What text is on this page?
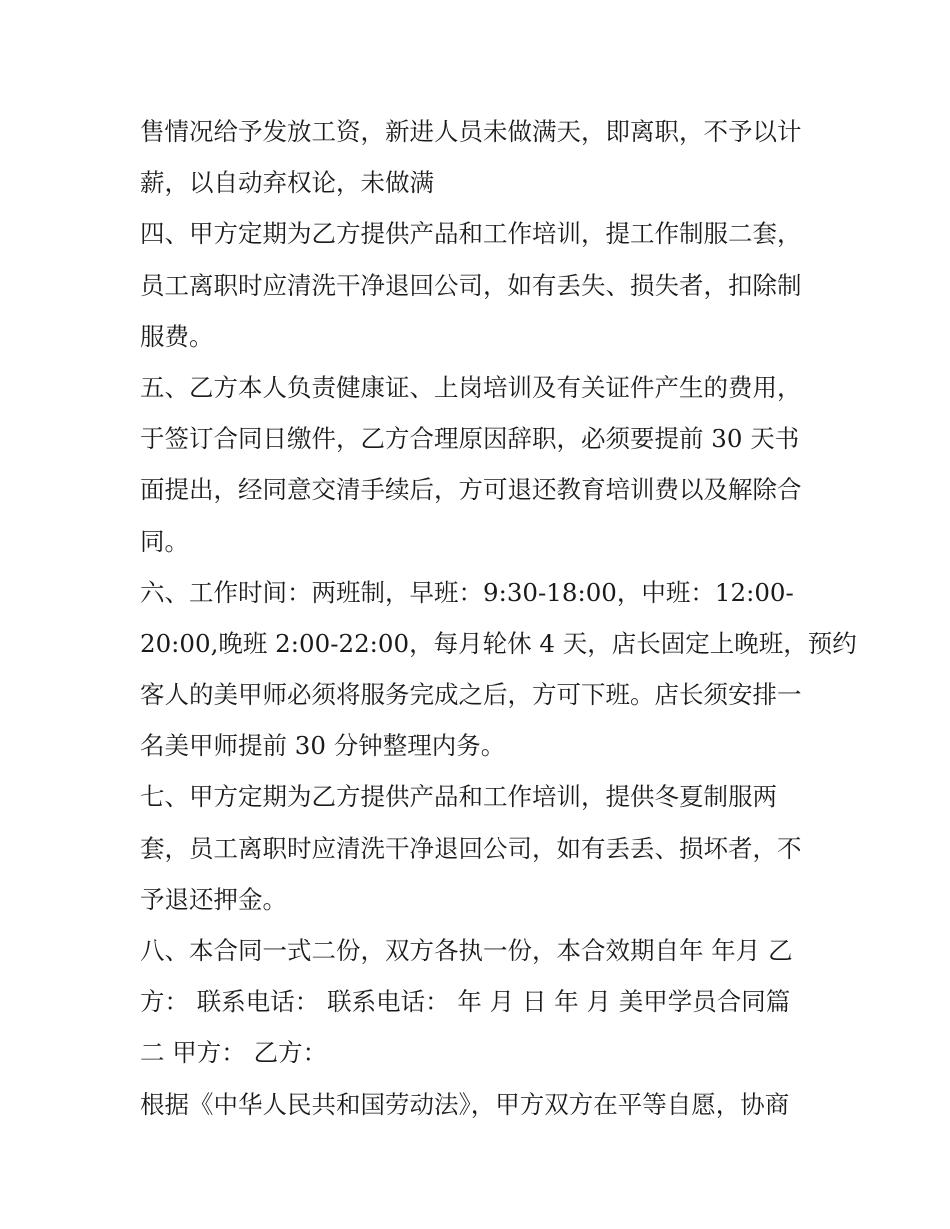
售情况给予发放工资，新进人员未做满天，即离职，不予以计
薪，以自动弃权论，未做满
四、甲方定期为乙方提供产品和工作培训，提工作制服二套，
员工离职时应清洗干净退回公司，如有丢失、损失者，扣除制
服费。
五、乙方本人负责健康证、上岗培训及有关证件产生的费用，
于签订合同日缴件，乙方合理原因辞职，必须要提前 30 天书
面提出，经同意交清手续后，方可退还教育培训费以及解除合
同。
六、工作时间：两班制，早班：9:30-18:00，中班：12:00-
20:00,晚班 2:00-22:00，每月轮休 4 天，店长固定上晚班，预约
客人的美甲师必须将服务完成之后，方可下班。店长须安排一
名美甲师提前 30 分钟整理内务。
七、甲方定期为乙方提供产品和工作培训，提供冬夏制服两
套，员工离职时应清洗干净退回公司，如有丢丢、损坏者，不
予退还押金。
八、本合同一式二份，双方各执一份，本合效期自年 年月 乙
方： 联系电话： 联系电话： 年 月 日 年 月 美甲学员合同篇
二 甲方： 乙方：
根据《中华人民共和国劳动法》，甲方双方在平等自愿，协商
